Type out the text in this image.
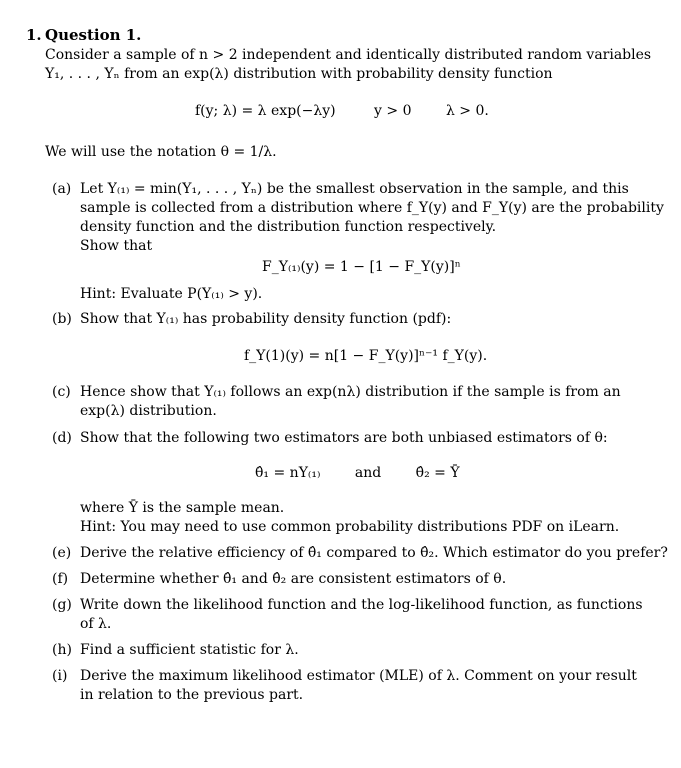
1. Question 1.
Consider a sample of n > 2 independent and identically distributed random variables
Y₁, . . . , Yₙ from an exp(λ) distribution with probability density function
f(y; λ) = λ exp(−λy)	y > 0 λ > 0.
We will use the notation θ = 1/λ.
(a) Let Y₍₁₎ = min(Y₁, . . . , Yₙ) be the smallest observation in the sample, and this
sample is collected from a distribution where f_Y(y) and F_Y(y) are the probability
density function and the distribution function respectively.
Show that
F_Y₍₁₎(y) = 1 − [1 − F_Y(y)]ⁿ
Hint: Evaluate P(Y₍₁₎ > y).
(b) Show that Y₍₁₎ has probability density function (pdf):
f_Y(1)(y) = n[1 − F_Y(y)]ⁿ⁻¹ f_Y(y).
(c) Hence show that Y₍₁₎ follows an exp(nλ) distribution if the sample is from an
exp(λ) distribution.
(d) Show that the following two estimators are both unbiased estimators of θ:
θ̂₁ = nY₍₁₎ and θ̂₂ = Ȳ
where Ȳ is the sample mean.
Hint: You may need to use common probability distributions PDF on iLearn.
(e) Derive the relative efficiency of θ̂₁ compared to θ̂₂. Which estimator do you prefer?
(f) Determine whether θ̂₁ and θ̂₂ are consistent estimators of θ.
(g) Write down the likelihood function and the log-likelihood function, as functions
of λ.
(h) Find a sufficient statistic for λ.
(i) Derive the maximum likelihood estimator (MLE) of λ. Comment on your result
in relation to the previous part.
